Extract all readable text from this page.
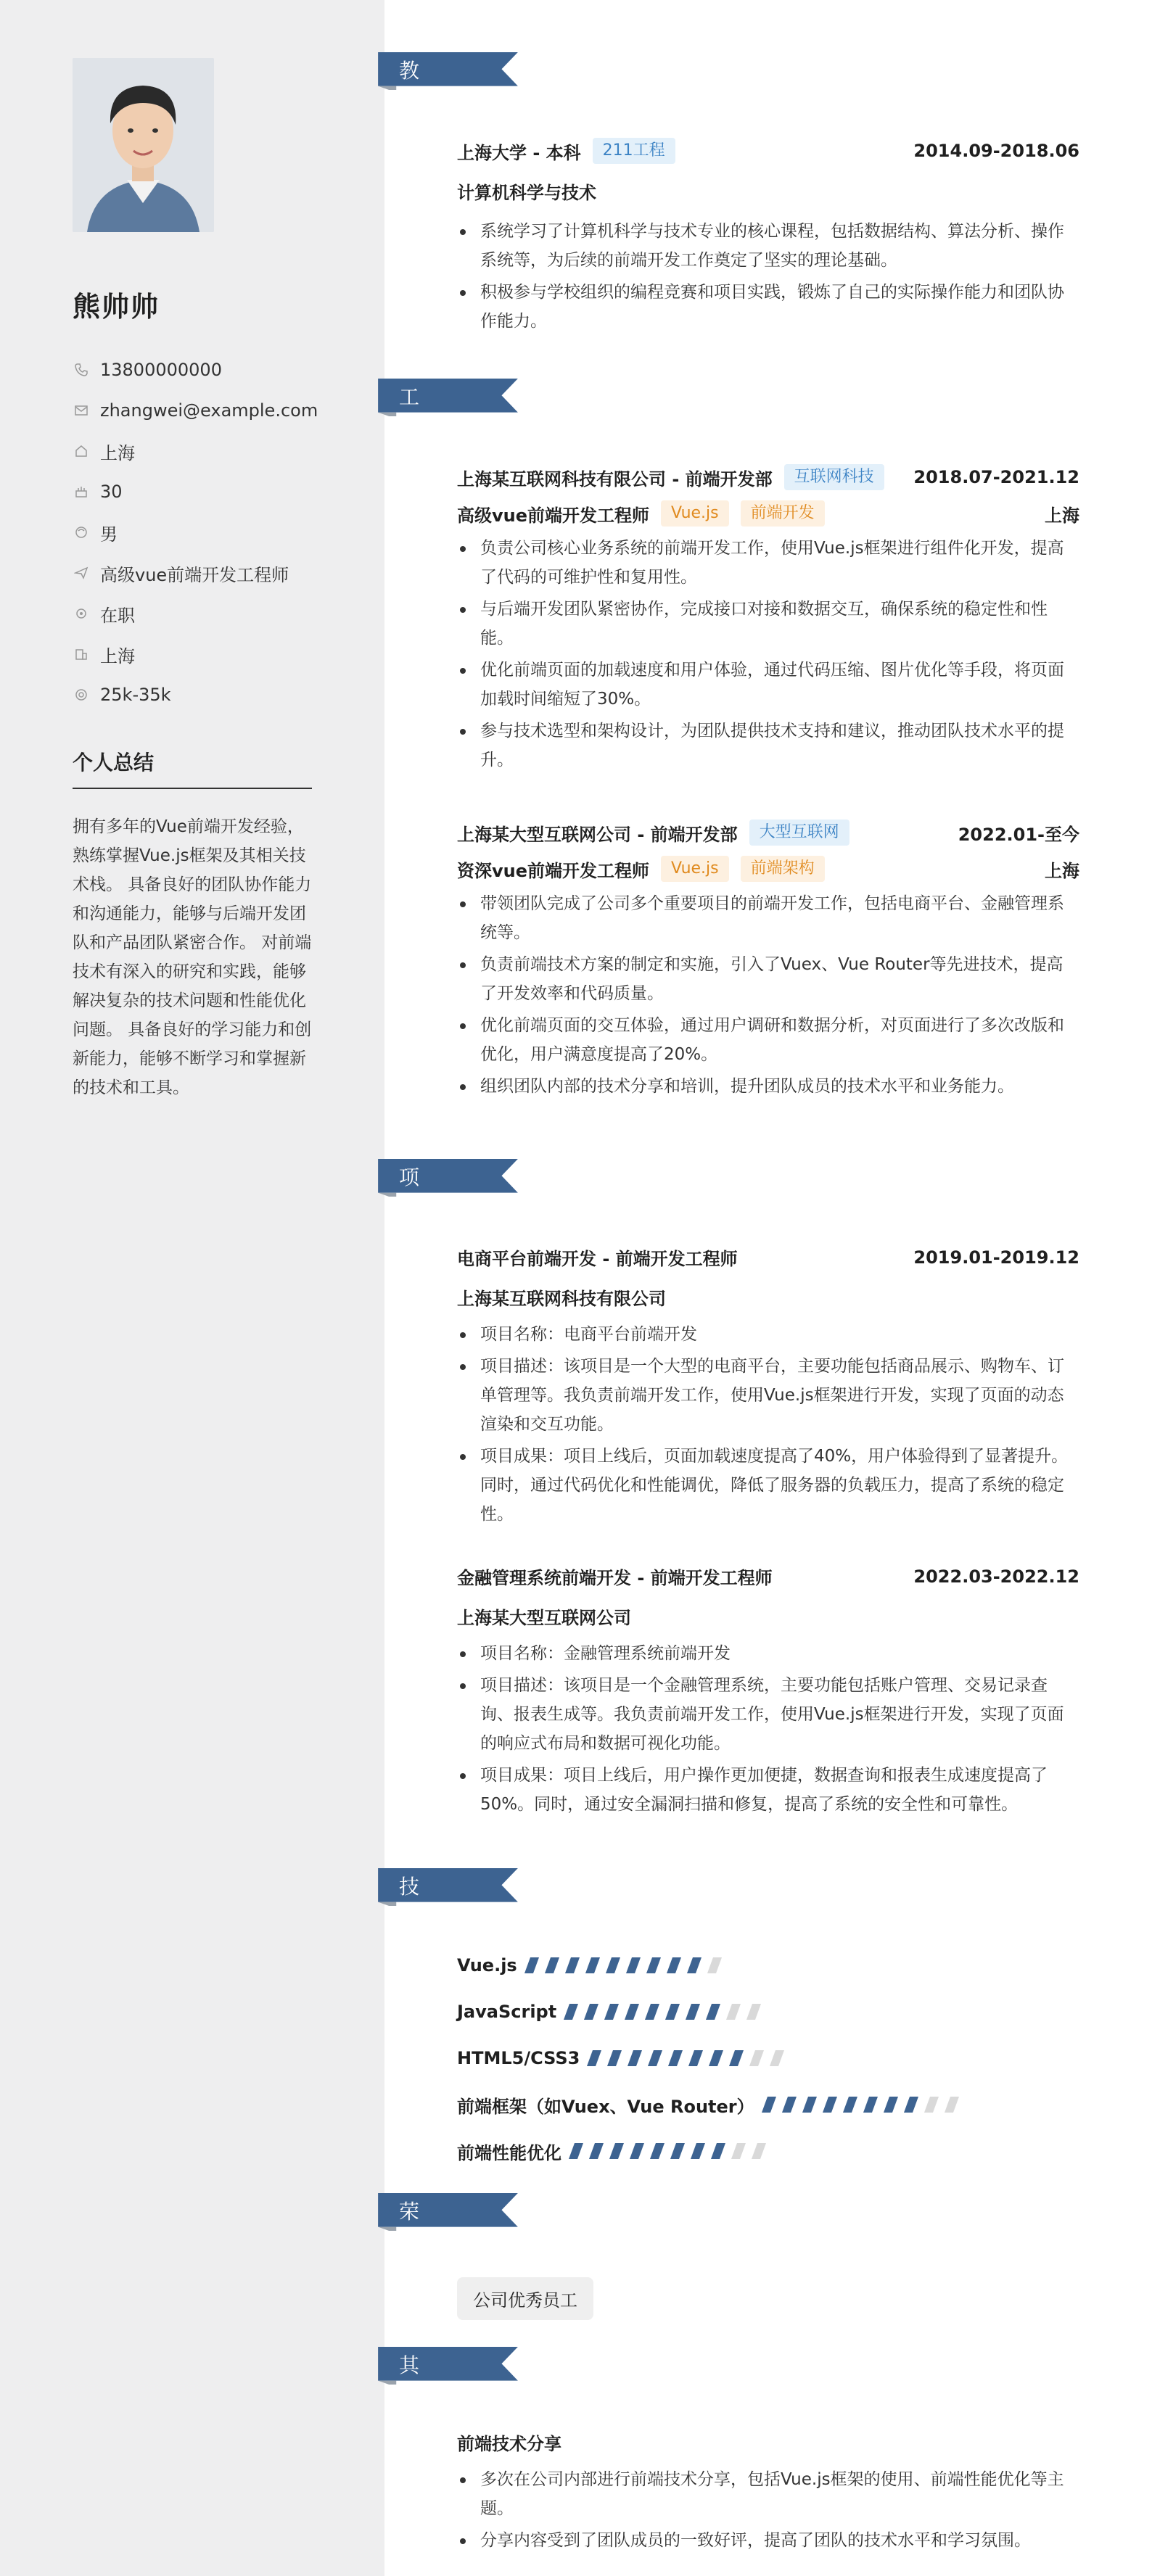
熊帅帅
13800000000
zhangwei@example.com
上海
30
男
高级vue前端开发工程师
在职
上海
25k-35k
个人总结
拥有多年的Vue前端开发经验，熟练掌握Vue.js框架及其相关技术栈。 具备良好的团队协作能力和沟通能力，能够与后端开发团队和产品团队紧密合作。 对前端技术有深入的研究和实践，能够解决复杂的技术问题和性能优化问题。 具备良好的学习能力和创新能力，能够不断学习和掌握新的技术和工具。
教育经历
工作经历
项目经历
技能专长
荣誉奖项
其他信息
上海大学 - 本科	211工程	2014.09-2018.06
计算机科学与技术
系统学习了计算机科学与技术专业的核心课程，包括数据结构、算法分析、操作系统等，为后续的前端开发工作奠定了坚实的理论基础。
积极参与学校组织的编程竞赛和项目实践，锻炼了自己的实际操作能力和团队协作能力。
上海某互联网科技有限公司 - 前端开发部	互联网科技	2018.07-2021.12
高级vue前端开发工程师	Vue.js	前端开发	上海
负责公司核心业务系统的前端开发工作，使用Vue.js框架进行组件化开发，提高了代码的可维护性和复用性。
与后端开发团队紧密协作，完成接口对接和数据交互，确保系统的稳定性和性能。
优化前端页面的加载速度和用户体验，通过代码压缩、图片优化等手段，将页面加载时间缩短了30%。
参与技术选型和架构设计，为团队提供技术支持和建议，推动团队技术水平的提升。
上海某大型互联网公司 - 前端开发部	大型互联网	2022.01-至今
资深vue前端开发工程师	Vue.js	前端架构	上海
带领团队完成了公司多个重要项目的前端开发工作，包括电商平台、金融管理系统等。
负责前端技术方案的制定和实施，引入了Vuex、Vue Router等先进技术，提高了开发效率和代码质量。
优化前端页面的交互体验，通过用户调研和数据分析，对页面进行了多次改版和优化，用户满意度提高了20%。
组织团队内部的技术分享和培训，提升团队成员的技术水平和业务能力。
电商平台前端开发 - 前端开发工程师	2019.01-2019.12
上海某互联网科技有限公司
项目名称：电商平台前端开发
项目描述：该项目是一个大型的电商平台，主要功能包括商品展示、购物车、订单管理等。我负责前端开发工作，使用Vue.js框架进行开发，实现了页面的动态渲染和交互功能。
项目成果：项目上线后，页面加载速度提高了40%，用户体验得到了显著提升。同时，通过代码优化和性能调优，降低了服务器的负载压力，提高了系统的稳定性。
金融管理系统前端开发 - 前端开发工程师	2022.03-2022.12
上海某大型互联网公司
项目名称：金融管理系统前端开发
项目描述：该项目是一个金融管理系统，主要功能包括账户管理、交易记录查询、报表生成等。我负责前端开发工作，使用Vue.js框架进行开发，实现了页面的响应式布局和数据可视化功能。
项目成果：项目上线后，用户操作更加便捷，数据查询和报表生成速度提高了50%。同时，通过安全漏洞扫描和修复，提高了系统的安全性和可靠性。
Vue.js
JavaScript
HTML5/CSS3
前端框架（如Vuex、Vue Router）
前端性能优化
公司优秀员工
前端技术分享
多次在公司内部进行前端技术分享，包括Vue.js框架的使用、前端性能优化等主题。
分享内容受到了团队成员的一致好评，提高了团队的技术水平和学习氛围。
